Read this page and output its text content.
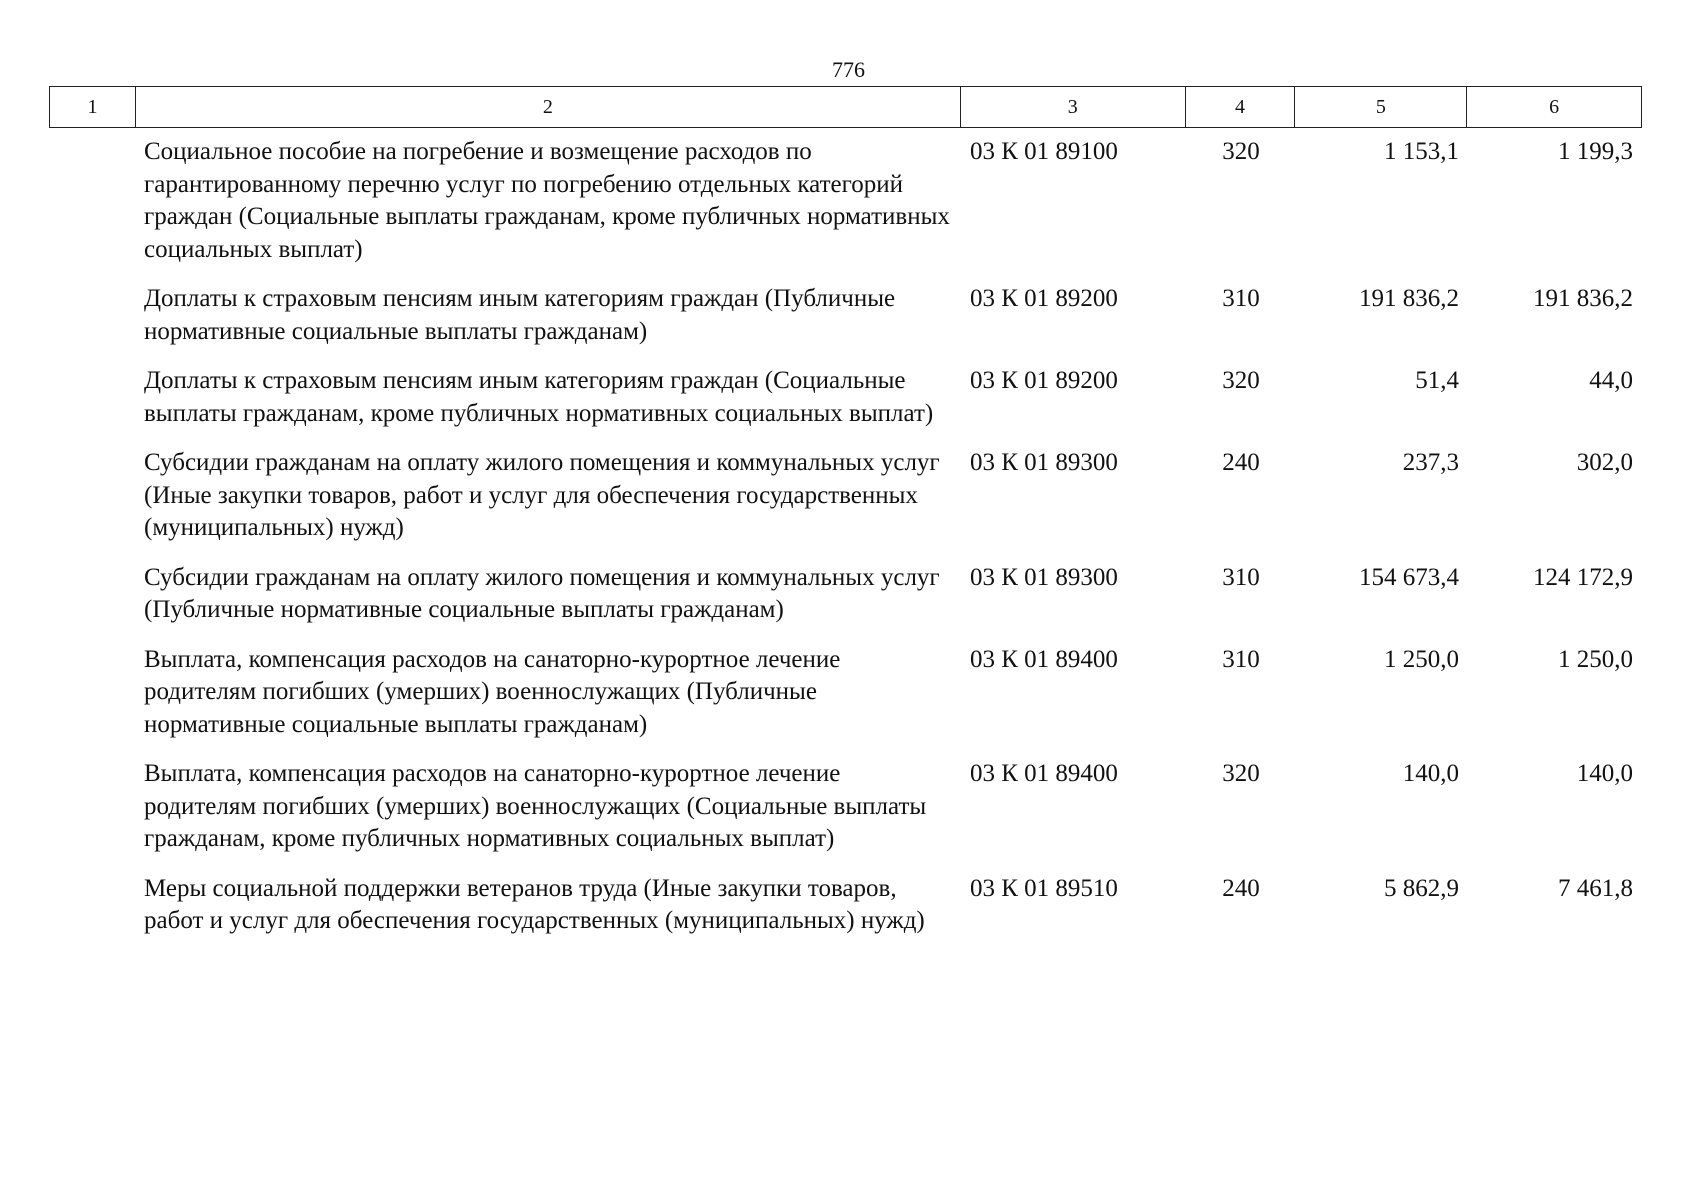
776
1	2	3	4	5	6
Социальное пособие на погребение и возмещение расходов по гарантированному перечню услуг по погребению отдельных категорий граждан (Социальные выплаты гражданам, кроме публичных нормативных социальных выплат)
03 К 01 89100	320	1 153,1	1 199,3
Доплаты к страховым пенсиям иным категориям граждан (Публичные нормативные социальные выплаты гражданам)
03 К 01 89200	310	191 836,2	191 836,2
Доплаты к страховым пенсиям иным категориям граждан (Социальные выплаты гражданам, кроме публичных нормативных социальных выплат)
03 К 01 89200	320	51,4	44,0
Субсидии гражданам на оплату жилого помещения и коммунальных услуг (Иные закупки товаров, работ и услуг для обеспечения государственных (муниципальных) нужд)
03 К 01 89300	240	237,3	302,0
Субсидии гражданам на оплату жилого помещения и коммунальных услуг (Публичные нормативные социальные выплаты гражданам)
03 К 01 89300	310	154 673,4	124 172,9
Выплата, компенсация расходов на санаторно-курортное лечение родителям погибших (умерших) военнослужащих (Публичные нормативные социальные выплаты гражданам)
03 К 01 89400	310	1 250,0	1 250,0
Выплата, компенсация расходов на санаторно-курортное лечение родителям погибших (умерших) военнослужащих (Социальные выплаты гражданам, кроме публичных нормативных социальных выплат)
03 К 01 89400	320	140,0	140,0
Меры социальной поддержки ветеранов труда (Иные закупки товаров, работ и услуг для обеспечения государственных (муниципальных) нужд)
03 К 01 89510	240	5 862,9	7 461,8
